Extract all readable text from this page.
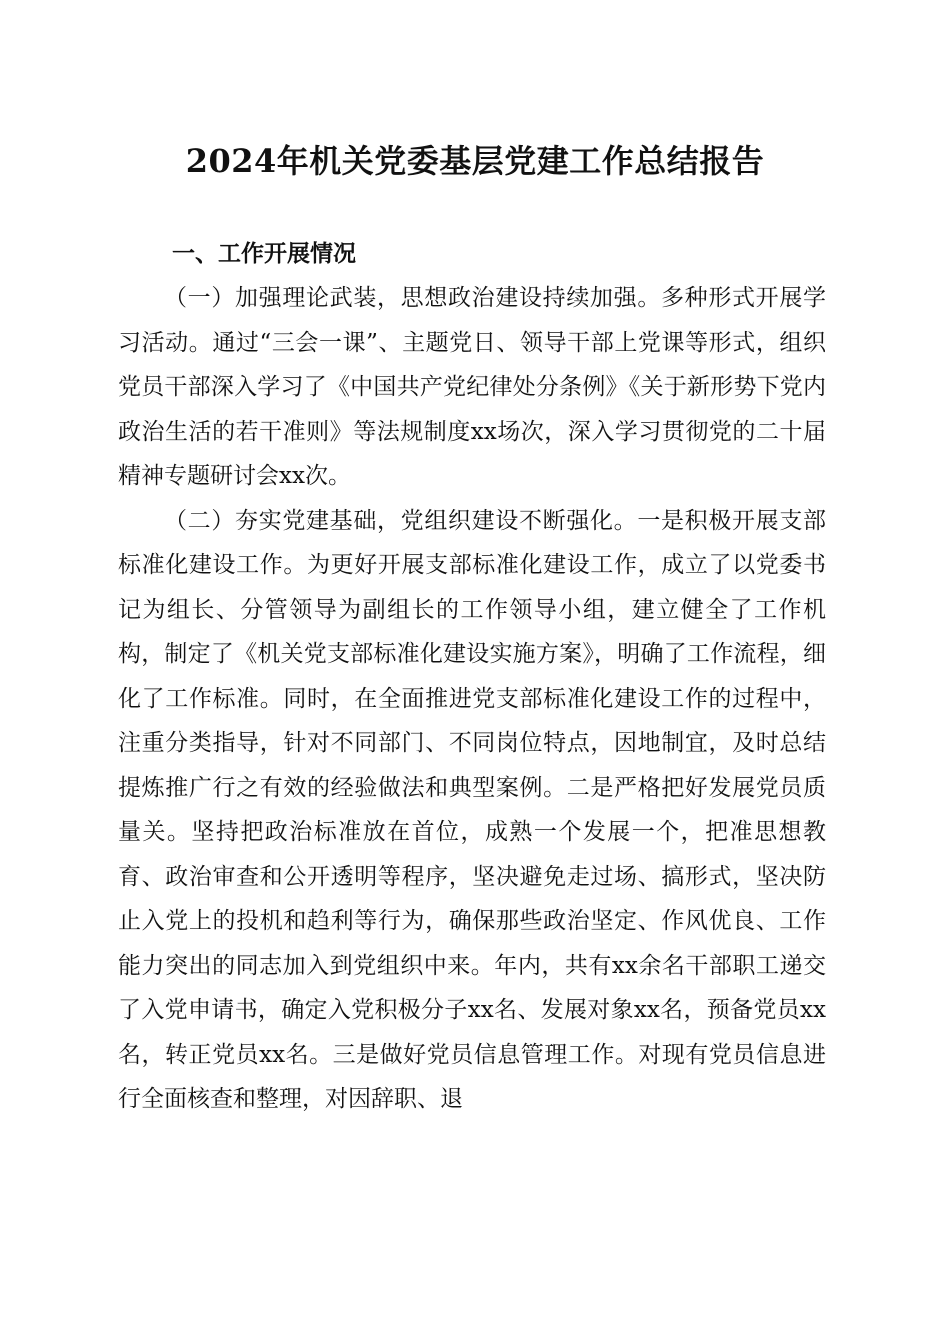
2024年机关党委基层党建工作总结报告
一、工作开展情况

（一）加强理论武装，思想政治建设持续加强。多种形式开展学习活动。通过“三会一课”、主题党日、领导干部上党课等形式，组织党员干部深入学习了《中国共产党纪律处分条例》《关于新形势下党内政治生活的若干准则》等法规制度xx场次，深入学习贯彻党的二十届精神专题研讨会xx次。

（二）夯实党建基础，党组织建设不断强化。一是积极开展支部标准化建设工作。为更好开展支部标准化建设工作，成立了以党委书记为组长、分管领导为副组长的工作领导小组，建立健全了工作机构，制定了《机关党支部标准化建设实施方案》，明确了工作流程，细化了工作标准。同时，在全面推进党支部标准化建设工作的过程中，注重分类指导，针对不同部门、不同岗位特点，因地制宜，及时总结提炼推广行之有效的经验做法和典型案例。二是严格把好发展党员质量关。坚持把政治标准放在首位，成熟一个发展一个，把准思想教育、政治审查和公开透明等程序，坚决避免走过场、搞形式，坚决防止入党上的投机和趋利等行为，确保那些政治坚定、作风优良、工作能力突出的同志加入到党组织中来。年内，共有xx余名干部职工递交了入党申请书，确定入党积极分子xx名、发展对象xx名，预备党员xx名，转正党员xx名。三是做好党员信息管理工作。对现有党员信息进行全面核查和整理，对因辞职、退
